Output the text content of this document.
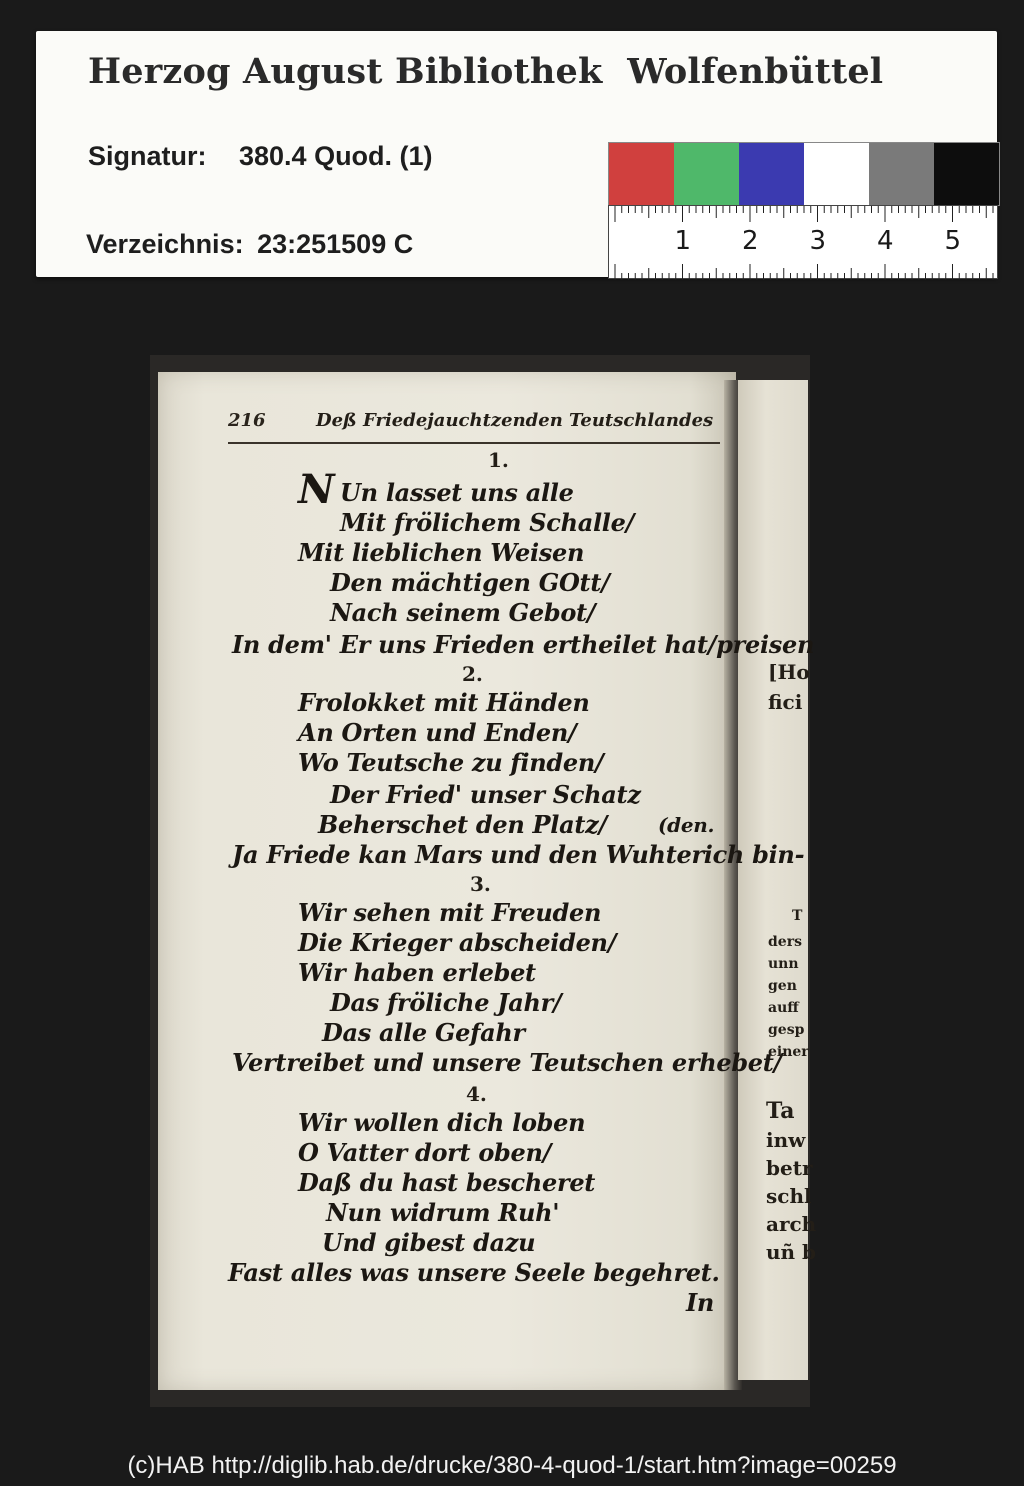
Herzog August Bibliothek  Wolfenbüttel
Signatur: 380.4 Quod. (1)
Verzeichnis: 23:251509 C	1 2 3 4 5
216	Deß Friedejauchtzenden Teutschlandes
1.
N Un lasset uns alle
Mit frölichem Schalle/
Mit lieblichen Weisen
Den mächtigen GOtt/
Nach seinem Gebot/
In dem' Er uns Frieden ertheilet hat/preisen
2.
Frolokket mit Händen
An Orten und Enden/
Wo Teutsche zu finden/
Der Fried' unser Schatz
Beherschet den Platz/	(den.
Ja Friede kan Mars und den Wuhterich bin-
3.
Wir sehen mit Freuden
Die Krieger abscheiden/
Wir haben erlebet
Das fröliche Jahr/
Das alle Gefahr
Vertreibet und unsere Teutschen erhebet/
4.
Wir wollen dich loben
O Vatter dort oben/
Daß du hast bescheret
Nun widrum Ruh'
Und gibest dazu
Fast alles was unsere Seele begehret.
In
[Ho
fici
T
ders
unn
gen
auff
gesp
einer
Ta
inw
betr
schl
arch
uñ b
(c)HAB http://diglib.hab.de/drucke/380-4-quod-1/start.htm?image=00259
